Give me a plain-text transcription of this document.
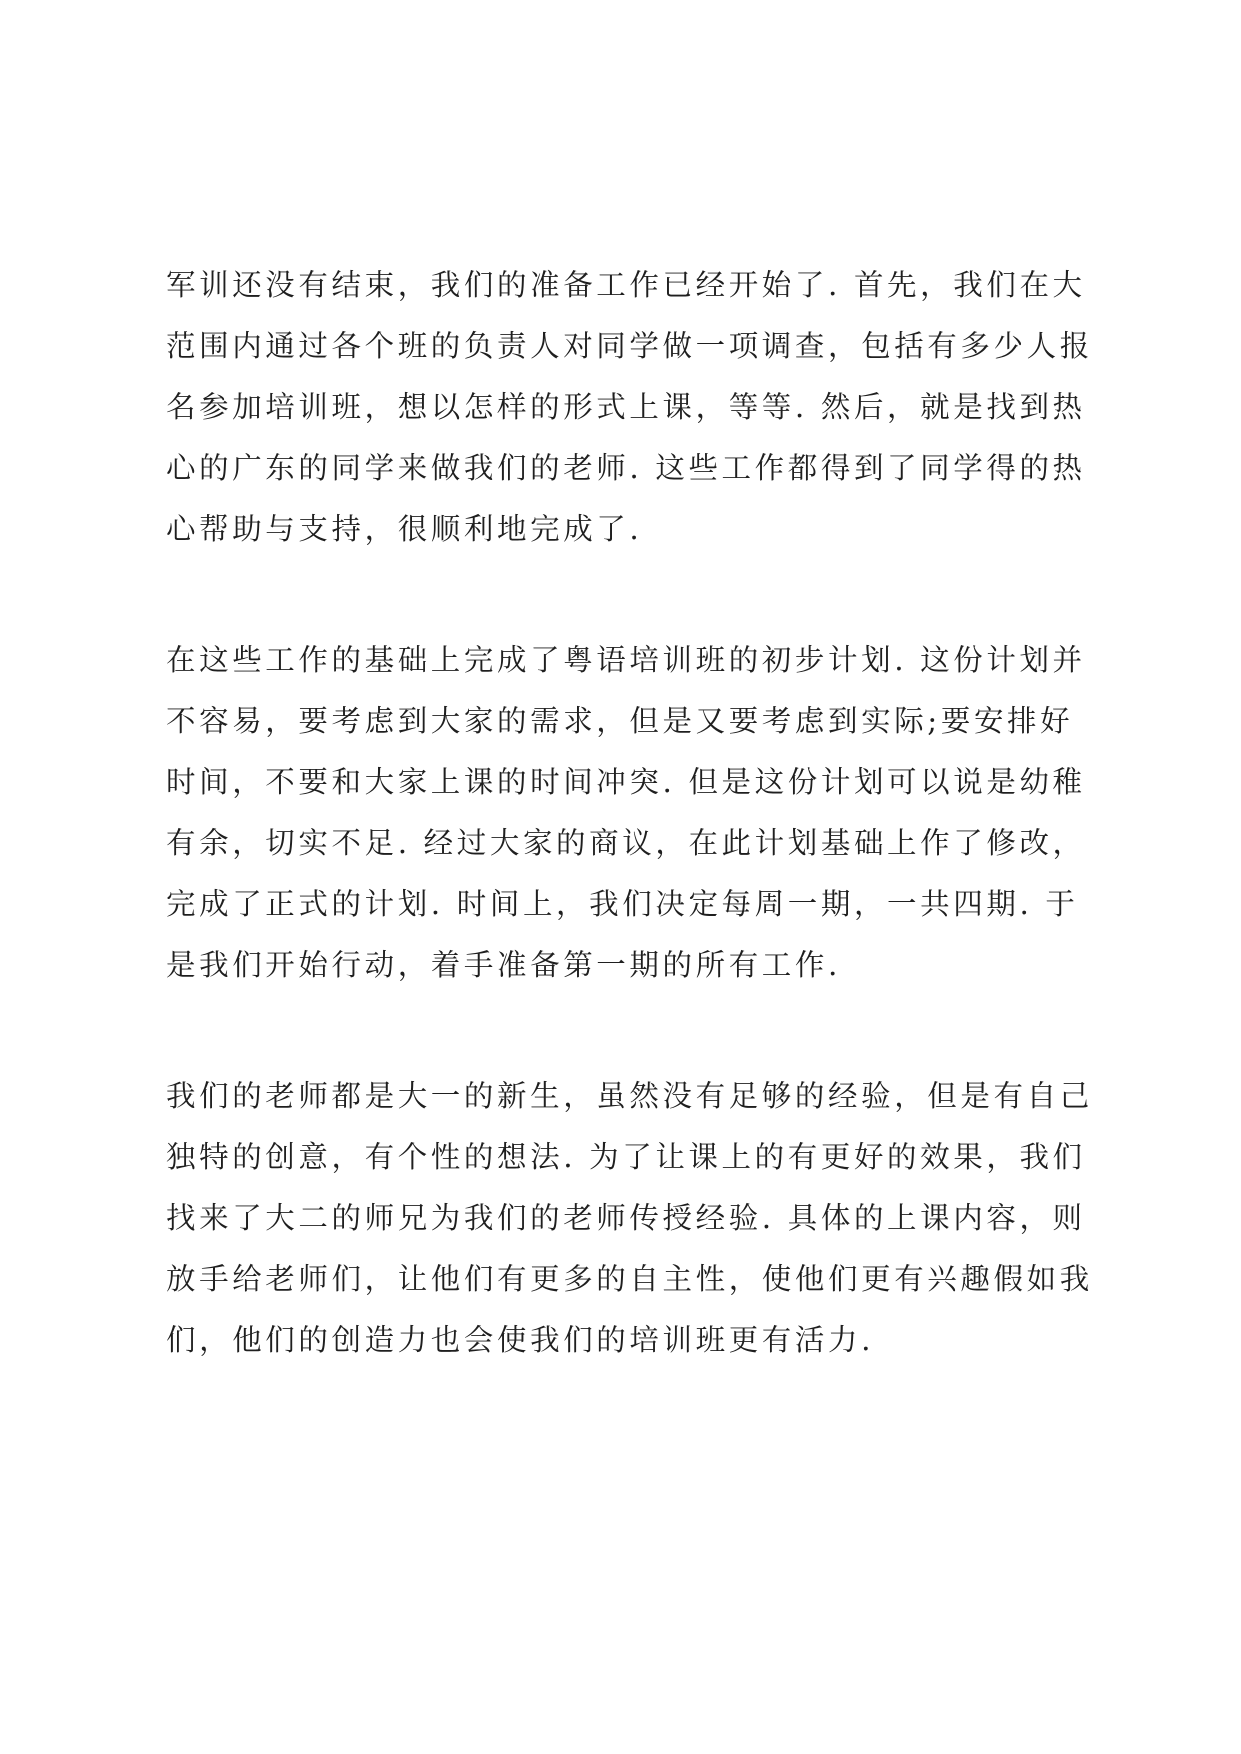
军训还没有结束，我们的准备工作已经开始了. 首先，我们在大
范围内通过各个班的负责人对同学做一项调查，包括有多少人报
名参加培训班，想以怎样的形式上课，等等. 然后，就是找到热
心的广东的同学来做我们的老师. 这些工作都得到了同学得的热
心帮助与支持，很顺利地完成了.
在这些工作的基础上完成了粤语培训班的初步计划. 这份计划并
不容易，要考虑到大家的需求，但是又要考虑到实际;要安排好
时间，不要和大家上课的时间冲突. 但是这份计划可以说是幼稚
有余，切实不足. 经过大家的商议，在此计划基础上作了修改，
完成了正式的计划. 时间上，我们决定每周一期，一共四期. 于
是我们开始行动，着手准备第一期的所有工作.
我们的老师都是大一的新生，虽然没有足够的经验，但是有自己
独特的创意，有个性的想法. 为了让课上的有更好的效果，我们
找来了大二的师兄为我们的老师传授经验. 具体的上课内容，则
放手给老师们，让他们有更多的自主性，使他们更有兴趣假如我
们，他们的创造力也会使我们的培训班更有活力.
